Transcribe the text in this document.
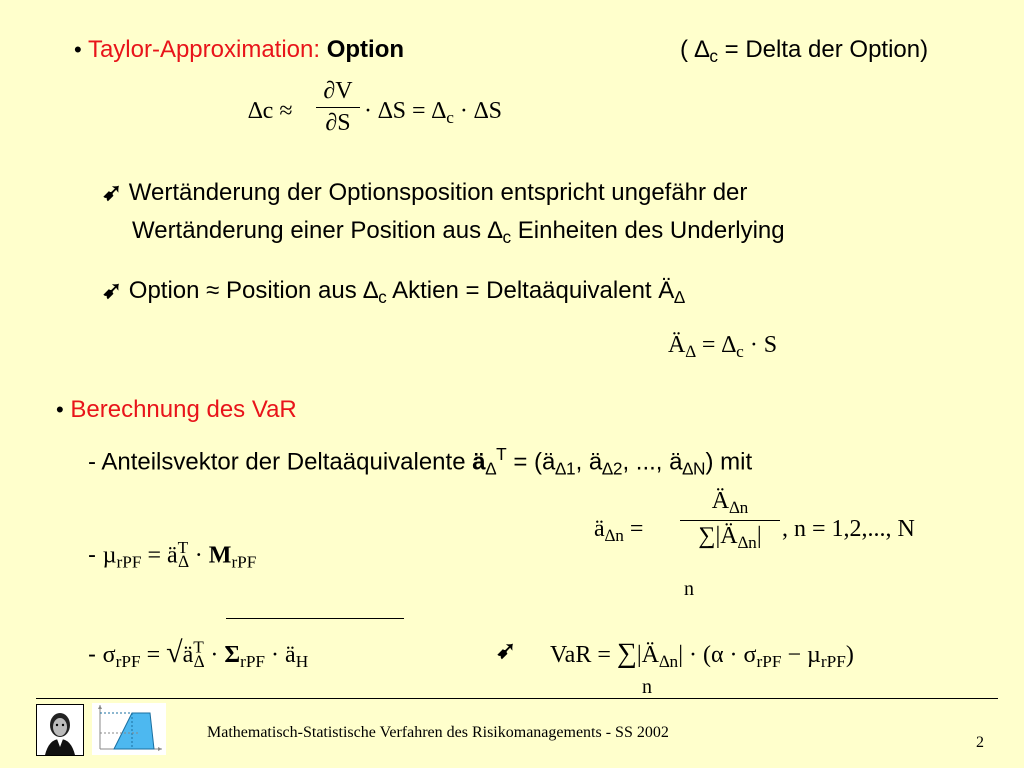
• Taylor-Approximation: Option	( $\Delta_c$ = Delta der Option)
∆c ≈
∂V
$\partial S \cdot \Delta S = \Delta_c \cdot \Delta S$
➹ Wertänderung der Optionsposition entspricht ungefähr der
Wertänderung einer Position aus $\Delta_c$ Einheiten des Underlying
➹ Option ≈ Position aus $\Delta_c$ Aktien = Deltaäquivalent $Ä_\Delta$
$Ä_\Delta = \Delta_c \cdot S$
• Berechnung des VaR
- Anteilsvektor der Deltaäquivalente $ä_\Delta^T$ = ($ä_{\Delta 1}$, $ä_{\Delta 2}$, ..., $ä_{\Delta N}$) mit
$ä_{\Delta n}$ =
$Ä_{\Delta n}$
$\sum|Ä_{\Delta n}|$
n
, n = 1,2,..., N
- $\mu_{rPF} = ä^T_\Delta \cdot M_{rPF}$
- $\sigma_{rPF}$ = $√ä^T_\Delta \cdot \Sigma_{rPF}$ · $ä_H$	➹ VaR = $\sum|Ä_{\Delta n}| \cdot (\alpha \cdot \sigma_{rPF} - \mu_{rPF})$
n
Mathematisch-Statistische Verfahren des Risikomanagements - SS 2002
2
